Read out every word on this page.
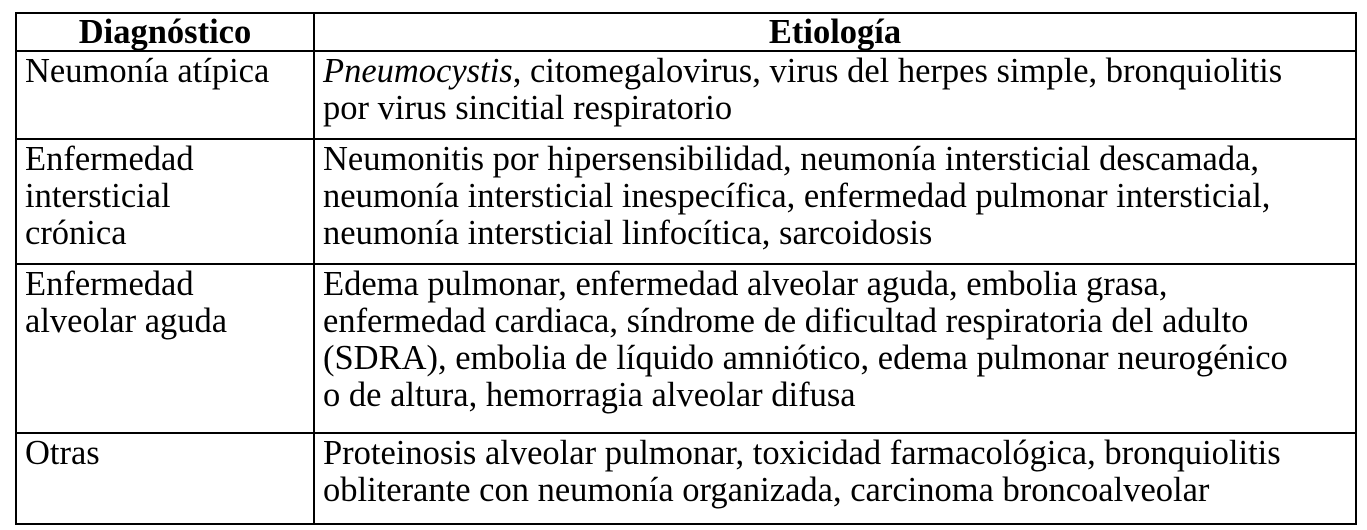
Diagnóstico	Etiología

Neumonía atípica	Pneumocystis, citomegalovirus, virus del herpes simple, bronquiolitis
por virus sincitial respiratorio

Enfermedad
intersticial
crónica	Neumonitis por hipersensibilidad, neumonía intersticial descamada,
neumonía intersticial inespecífica, enfermedad pulmonar intersticial,
neumonía intersticial linfocítica, sarcoidosis

Enfermedad
alveolar aguda	Edema pulmonar, enfermedad alveolar aguda, embolia grasa,
enfermedad cardiaca, síndrome de dificultad respiratoria del adulto
(SDRA), embolia de líquido amniótico, edema pulmonar neurogénico
o de altura, hemorragia alveolar difusa

Otras	Proteinosis alveolar pulmonar, toxicidad farmacológica, bronquiolitis
obliterante con neumonía organizada, carcinoma broncoalveolar
